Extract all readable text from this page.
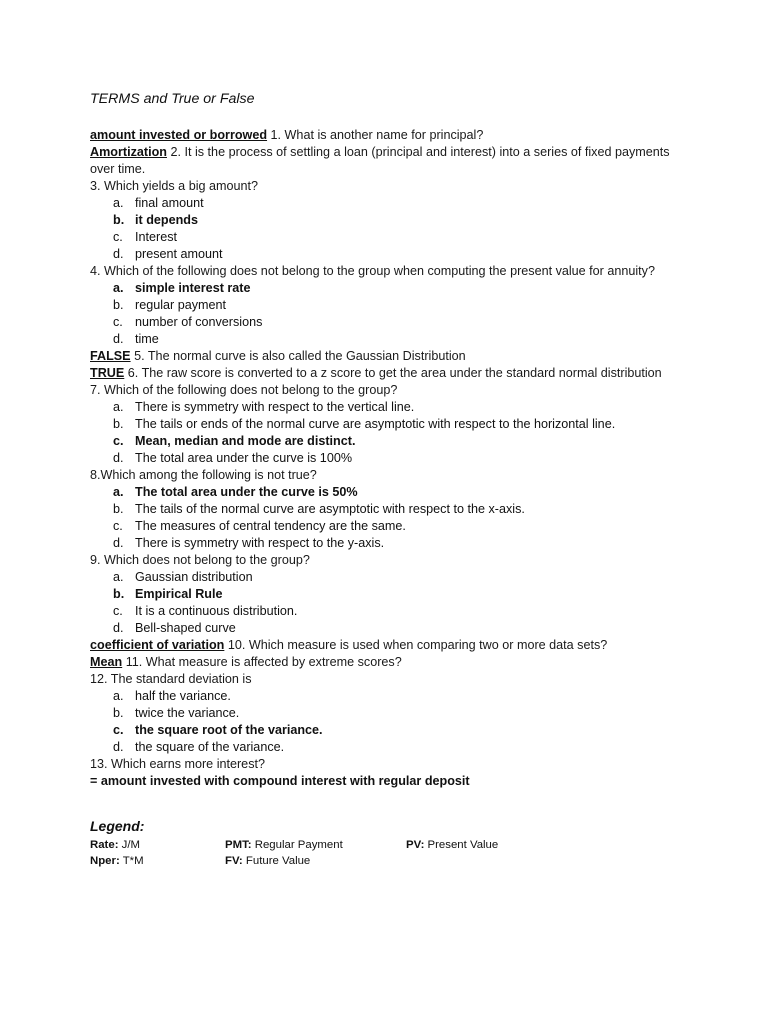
TERMS and True or False
amount invested or borrowed 1. What is another name for principal?
Amortization 2. It is the process of settling a loan (principal and interest) into a series of fixed payments over time.
3. Which yields a big amount?
a. final amount
b. it depends
c. Interest
d. present amount
4. Which of the following does not belong to the group when computing the present value for annuity?
a. simple interest rate
b. regular payment
c. number of conversions
d. time
FALSE 5. The normal curve is also called the Gaussian Distribution
TRUE 6. The raw score is converted to a z score to get the area under the standard normal distribution
7. Which of the following does not belong to the group?
a. There is symmetry with respect to the vertical line.
b. The tails or ends of the normal curve are asymptotic with respect to the horizontal line.
c. Mean, median and mode are distinct.
d. The total area under the curve is 100%
8.Which among the following is not true?
a. The total area under the curve is 50%
b. The tails of the normal curve are asymptotic with respect to the x-axis.
c. The measures of central tendency are the same.
d. There is symmetry with respect to the y-axis.
9. Which does not belong to the group?
a. Gaussian distribution
b. Empirical Rule
c. It is a continuous distribution.
d. Bell-shaped curve
coefficient of variation 10. Which measure is used when comparing two or more data sets?
Mean 11. What measure is affected by extreme scores?
12. The standard deviation is
a. half the variance.
b. twice the variance.
c. the square root of the variance.
d. the square of the variance.
13. Which earns more interest?
= amount invested with compound interest with regular deposit
Legend:
Rate: J/M	PMT: Regular Payment	PV: Present Value
Nper: T*M	FV: Future Value
